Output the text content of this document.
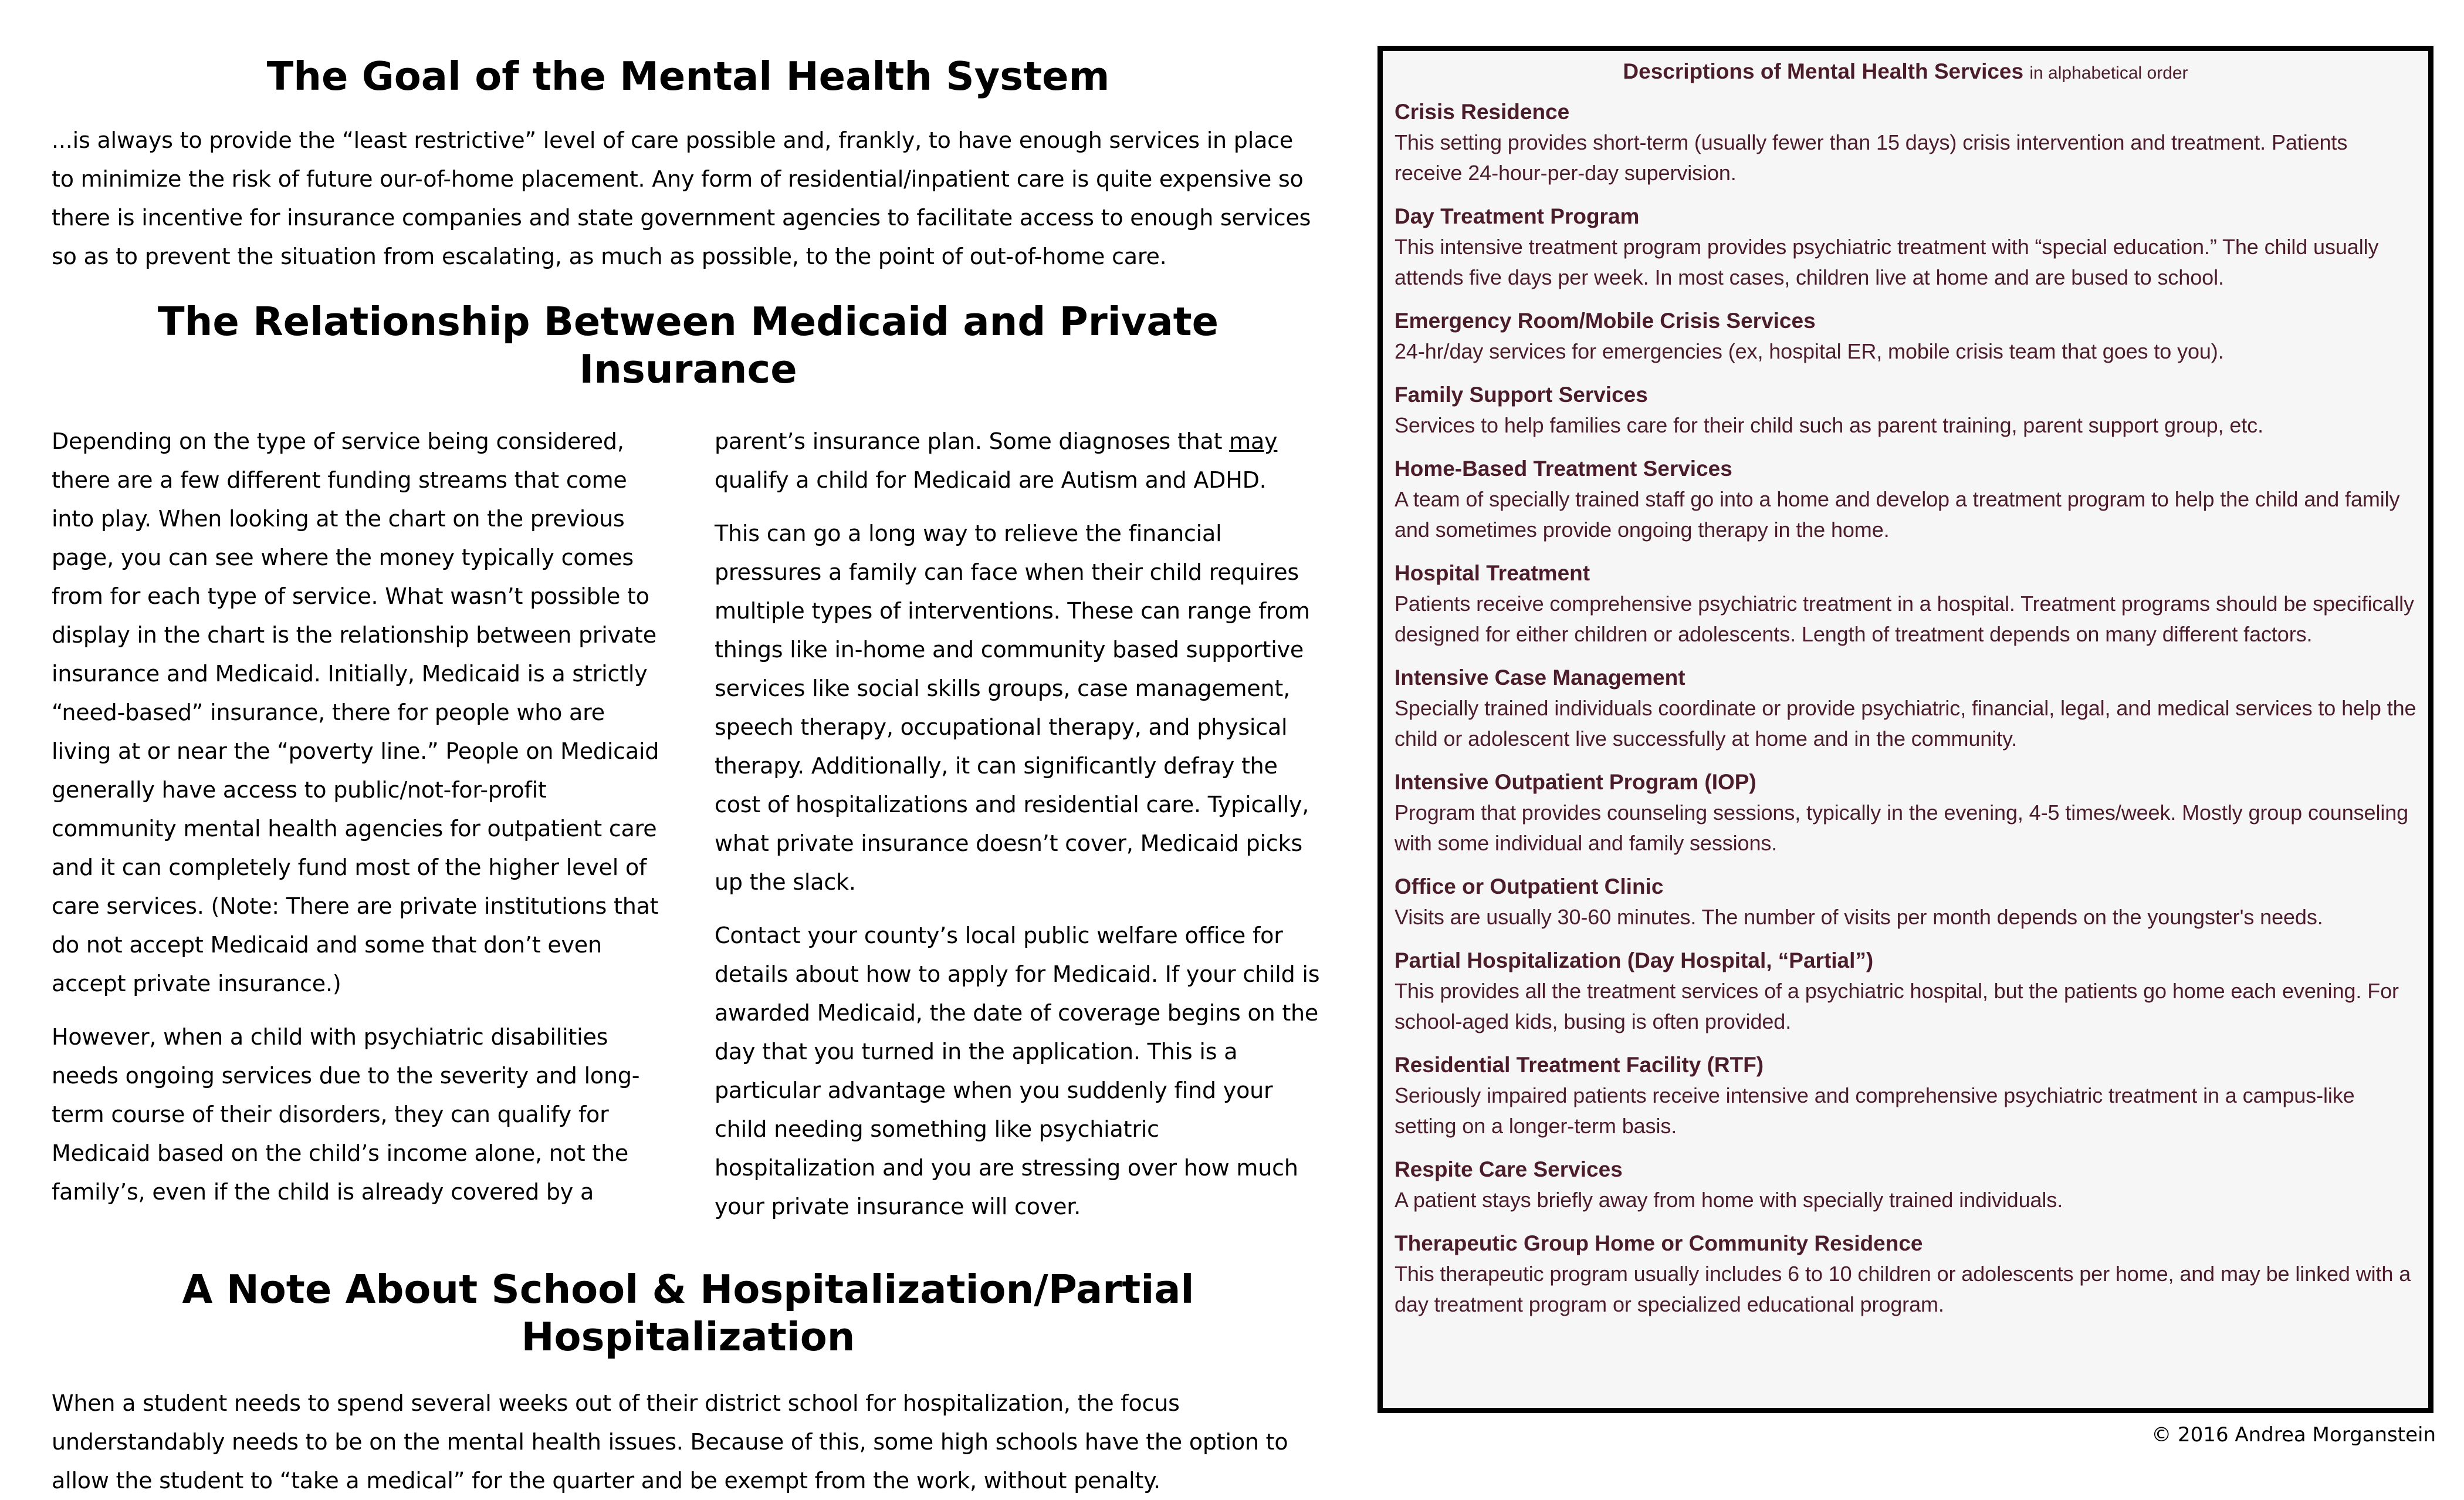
The Goal of the Mental Health System

...is always to provide the “least restrictive” level of care possible and, frankly, to have enough services in place to minimize the risk of future our-of-home placement. Any form of residential/inpatient care is quite expensive so there is incentive for insurance companies and state government agencies to facilitate access to enough services so as to prevent the situation from escalating, as much as possible, to the point of out-of-home care.

The Relationship Between Medicaid and Private Insurance

Depending on the type of service being considered, there are a few different funding streams that come into play. When looking at the chart on the previous page, you can see where the money typically comes from for each type of service. What wasn’t possible to display in the chart is the relationship between private insurance and Medicaid. Initially, Medicaid is a strictly “need-based” insurance, there for people who are living at or near the “poverty line.” People on Medicaid generally have access to public/not-for-profit community mental health agencies for outpatient care and it can completely fund most of the higher level of care services. (Note: There are private institutions that do not accept Medicaid and some that don’t even accept private insurance.)

However, when a child with psychiatric disabilities needs ongoing services due to the severity and long-term course of their disorders, they can qualify for Medicaid based on the child’s income alone, not the family’s, even if the child is already covered by a

parent’s insurance plan. Some diagnoses that may qualify a child for Medicaid are Autism and ADHD.

This can go a long way to relieve the financial pressures a family can face when their child requires multiple types of interventions. These can range from things like in-home and community based supportive services like social skills groups, case management, speech therapy, occupational therapy, and physical therapy. Additionally, it can significantly defray the cost of hospitalizations and residential care. Typically, what private insurance doesn’t cover, Medicaid picks up the slack.

Contact your county’s local public welfare office for details about how to apply for Medicaid. If your child is awarded Medicaid, the date of coverage begins on the day that you turned in the application. This is a particular advantage when you suddenly find your child needing something like psychiatric hospitalization and you are stressing over how much your private insurance will cover.

A Note About School & Hospitalization/Partial Hospitalization

When a student needs to spend several weeks out of their district school for hospitalization, the focus understandably needs to be on the mental health issues. Because of this, some high schools have the option to allow the student to “take a medical” for the quarter and be exempt from the work, without penalty.

Descriptions of Mental Health Services in alphabetical order

Crisis Residence

This setting provides short-term (usually fewer than 15 days) crisis intervention and treatment. Patients receive 24-hour-per-day supervision.

Day Treatment Program

This intensive treatment program provides psychiatric treatment with “special education.” The child usually attends five days per week. In most cases, children live at home and are bused to school.

Emergency Room/Mobile Crisis Services

24-hr/day services for emergencies (ex, hospital ER, mobile crisis team that goes to you).

Family Support Services

Services to help families care for their child such as parent training, parent support group, etc.

Home-Based Treatment Services

A team of specially trained staff go into a home and develop a treatment program to help the child and family and sometimes provide ongoing therapy in the home.

Hospital Treatment

Patients receive comprehensive psychiatric treatment in a hospital. Treatment programs should be specifically designed for either children or adolescents. Length of treatment depends on many different factors.

Intensive Case Management

Specially trained individuals coordinate or provide psychiatric, financial, legal, and medical services to help the child or adolescent live successfully at home and in the community.

Intensive Outpatient Program (IOP)

Program that provides counseling sessions, typically in the evening, 4-5 times/week. Mostly group counseling with some individual and family sessions.

Office or Outpatient Clinic

Visits are usually 30-60 minutes. The number of visits per month depends on the youngster's needs.

Partial Hospitalization (Day Hospital, “Partial”)

This provides all the treatment services of a psychiatric hospital, but the patients go home each evening. For school-aged kids, busing is often provided.

Residential Treatment Facility (RTF)

Seriously impaired patients receive intensive and comprehensive psychiatric treatment in a campus-like setting on a longer-term basis.

Respite Care Services

A patient stays briefly away from home with specially trained individuals.

Therapeutic Group Home or Community Residence

This therapeutic program usually includes 6 to 10 children or adolescents per home, and may be linked with a day treatment program or specialized educational program.

© 2016 Andrea Morganstein
